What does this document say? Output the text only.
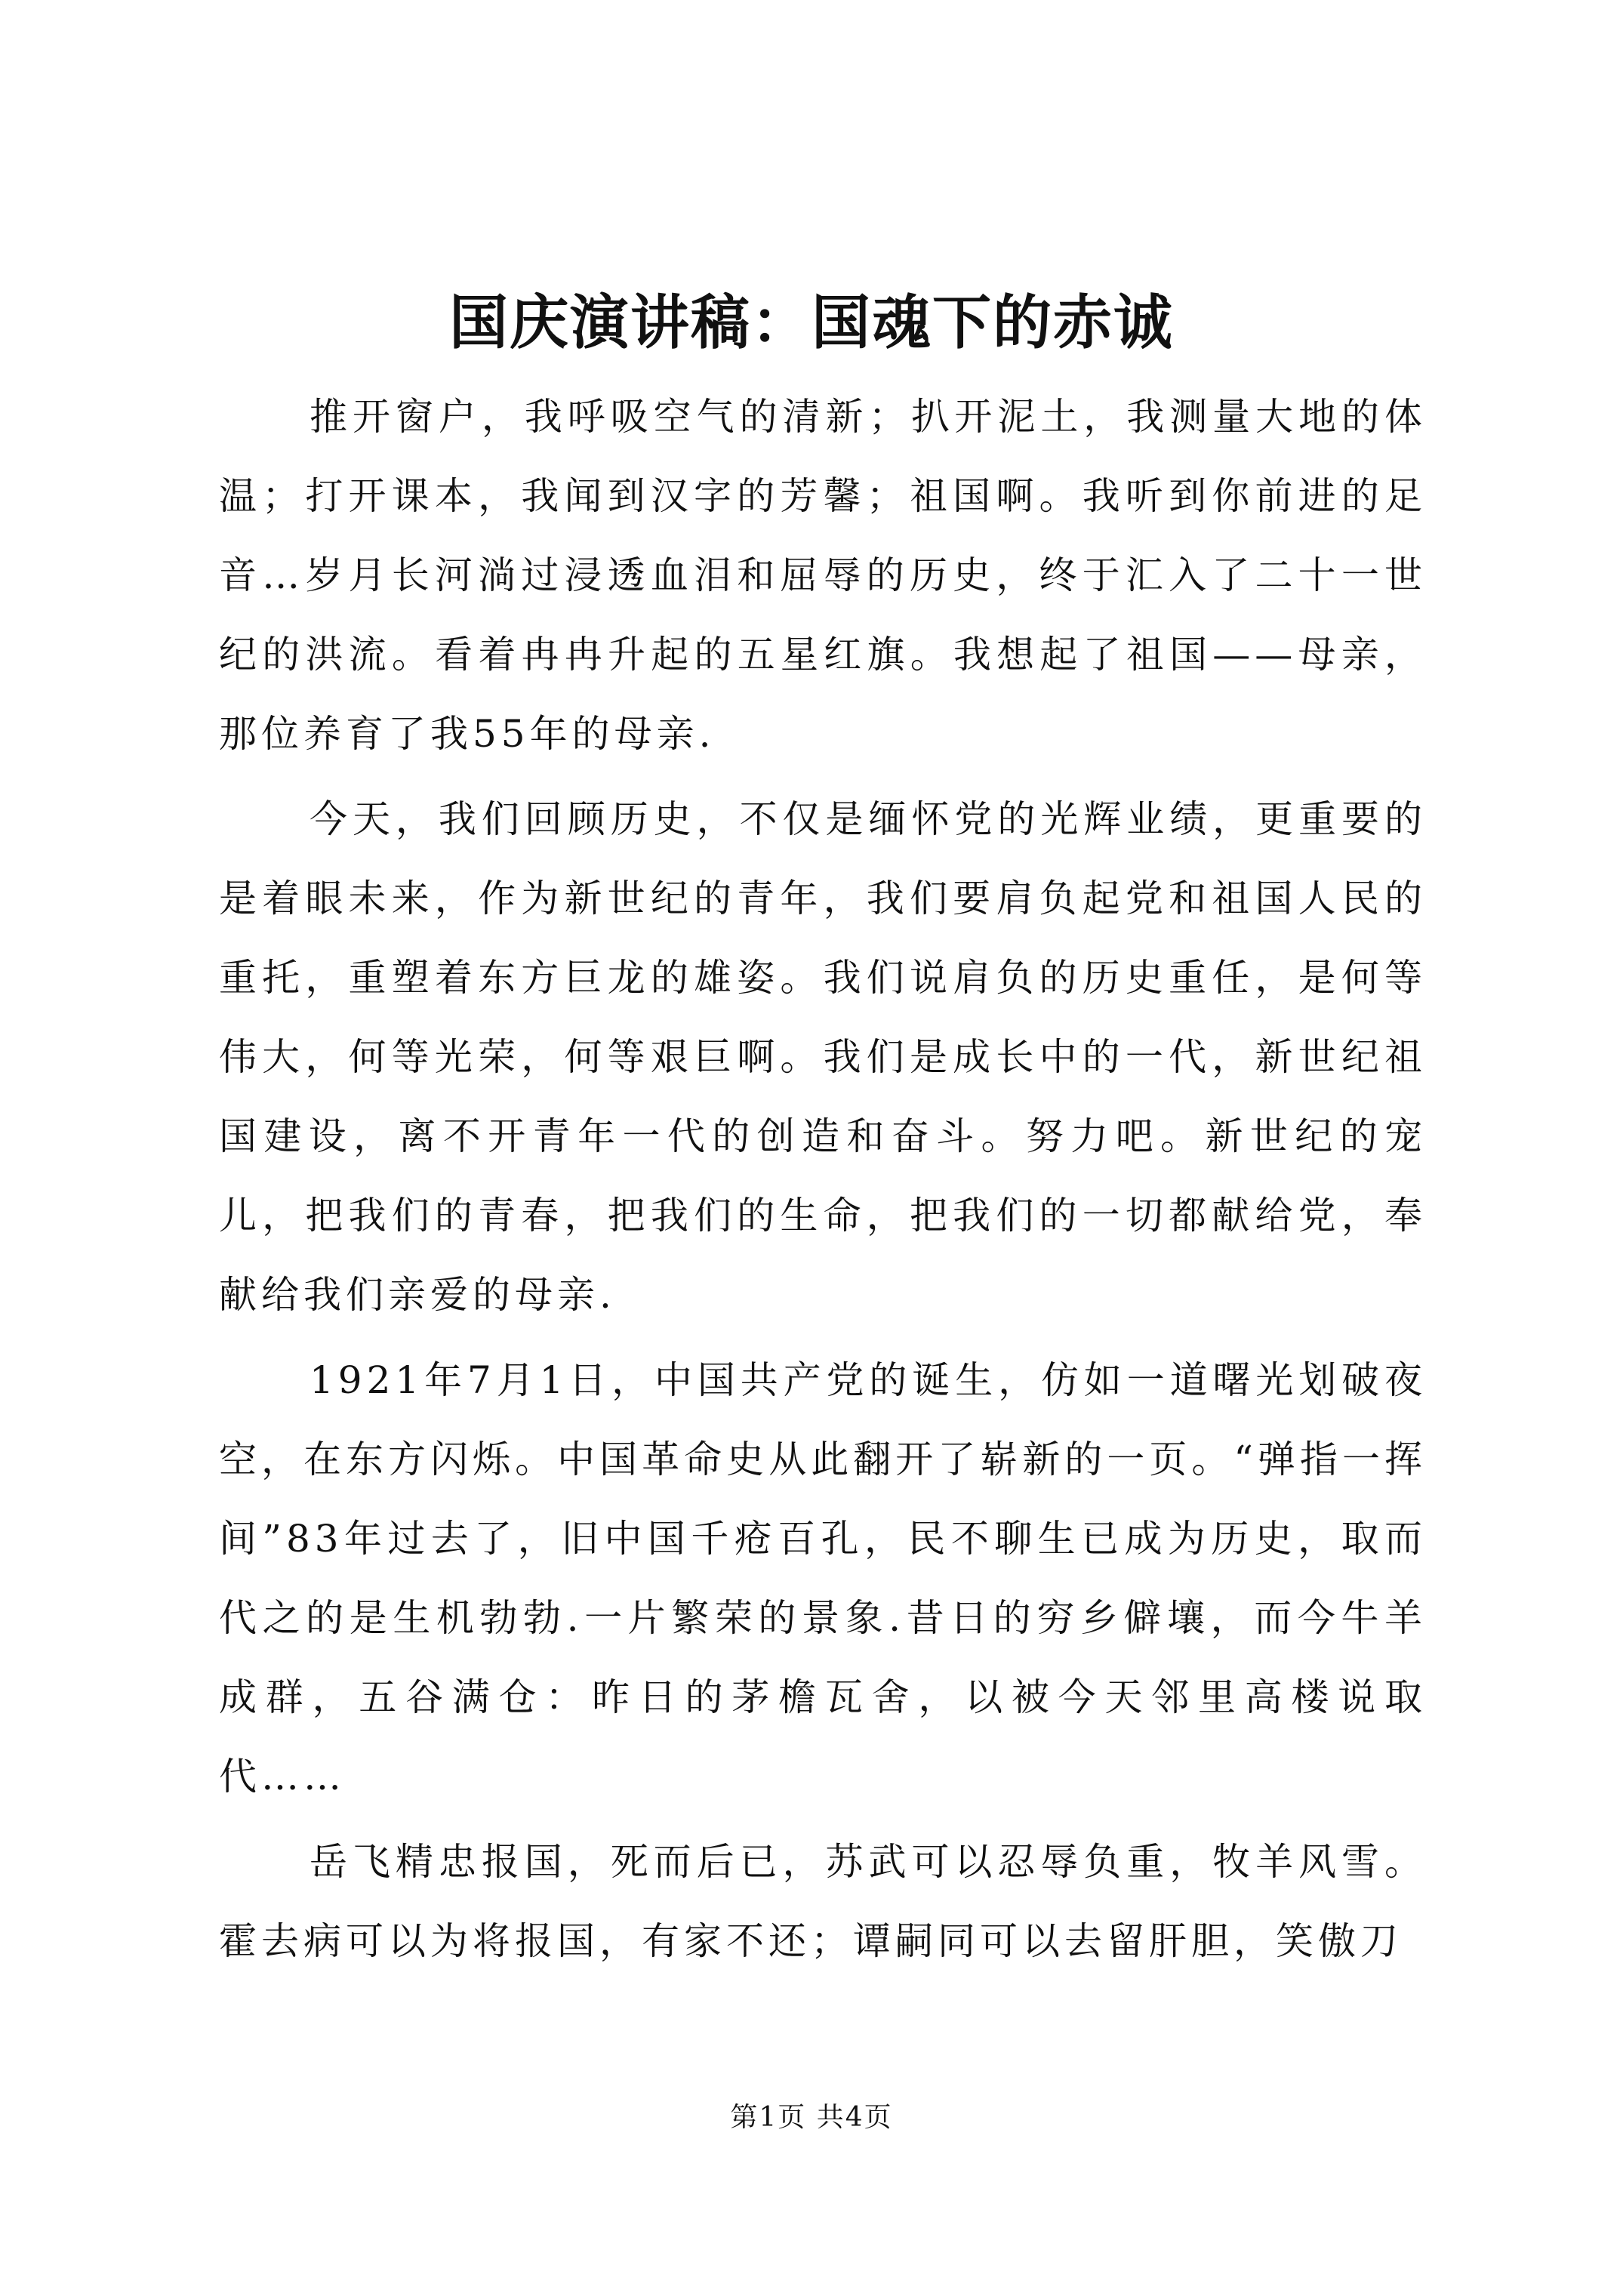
国庆演讲稿：国魂下的赤诚

推开窗户，我呼吸空气的清新；扒开泥土，我测量大地的体温；打开课本，我闻到汉字的芳馨；祖国啊。我听到你前进的足音…岁月长河淌过浸透血泪和屈辱的历史，终于汇入了二十一世纪的洪流。看着冉冉升起的五星红旗。我想起了祖国——母亲，那位养育了我55年的母亲.

今天，我们回顾历史，不仅是缅怀党的光辉业绩，更重要的是着眼未来，作为新世纪的青年，我们要肩负起党和祖国人民的重托，重塑着东方巨龙的雄姿。我们说肩负的历史重任，是何等伟大，何等光荣，何等艰巨啊。我们是成长中的一代，新世纪祖国建设，离不开青年一代的创造和奋斗。努力吧。新世纪的宠儿，把我们的青春，把我们的生命，把我们的一切都献给党，奉献给我们亲爱的母亲.

1921年7月1日，中国共产党的诞生，仿如一道曙光划破夜空，在东方闪烁。中国革命史从此翻开了崭新的一页。“弹指一挥间”83年过去了，旧中国千疮百孔，民不聊生已成为历史，取而代之的是生机勃勃.一片繁荣的景象.昔日的穷乡僻壤，而今牛羊成群，五谷满仓：昨日的茅檐瓦舍，以被今天邻里高楼说取代……

岳飞精忠报国，死而后已，苏武可以忍辱负重，牧羊风雪。霍去病可以为将报国，有家不还；谭嗣同可以去留肝胆，笑傲刀

第1页 共4页
